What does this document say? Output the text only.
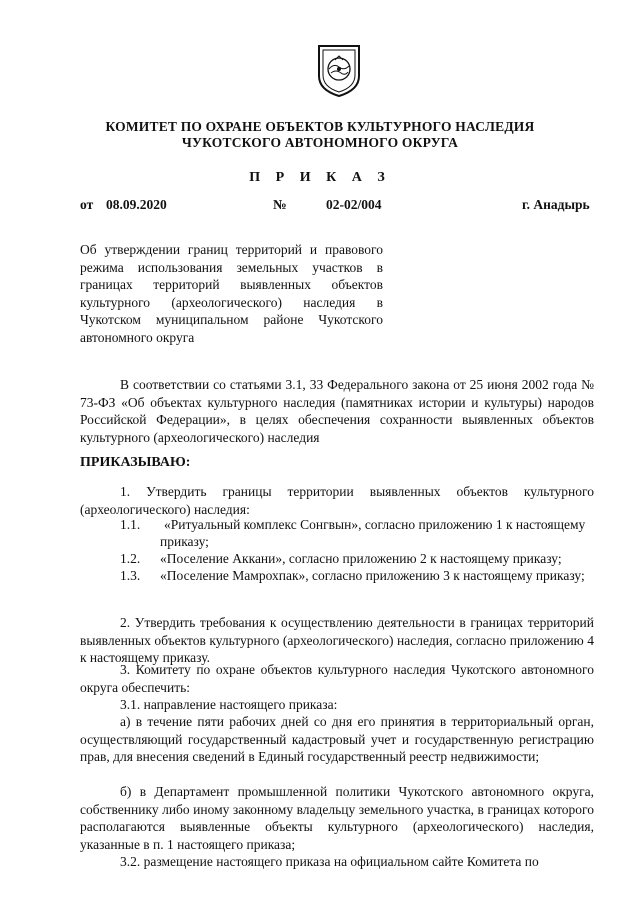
КОМИТЕТ ПО ОХРАНЕ ОБЪЕКТОВ КУЛЬТУРНОГО НАСЛЕДИЯ
ЧУКОТСКОГО АВТОНОМНОГО ОКРУГА
П Р И К А З
от 08.09.2020	№	02-02/004	г. Анадырь
Об утверждении границ территорий и правового режима использования земельных участков в границах территорий выявленных объектов культурного (археологического) наследия в Чукотском муниципальном районе Чукотского автономного округа
В соответствии со статьями 3.1, 33 Федерального закона от 25 июня 2002 года № 73-ФЗ «Об объектах культурного наследия (памятниках истории и культуры) народов Российской Федерации», в целях обеспечения сохранности выявленных объектов культурного (археологического) наследия
ПРИКАЗЫВАЮ:
1. Утвердить границы территории выявленных объектов культурного (археологического) наследия:
1.1. «Ритуальный комплекс Сонгвын», согласно приложению 1 к настоящему приказу;
1.2. «Поселение Аккани», согласно приложению 2 к настоящему приказу;
1.3. «Поселение Мамрохпак», согласно приложению 3 к настоящему приказу;
2. Утвердить требования к осуществлению деятельности в границах территорий выявленных объектов культурного (археологического) наследия, согласно приложению 4 к настоящему приказу.
3. Комитету по охране объектов культурного наследия Чукотского автономного округа обеспечить:
3.1. направление настоящего приказа:
а) в течение пяти рабочих дней со дня его принятия в территориальный орган, осуществляющий государственный кадастровый учет и государственную регистрацию прав, для внесения сведений в Единый государственный реестр недвижимости;
б) в Департамент промышленной политики Чукотского автономного округа, собственнику либо иному законному владельцу земельного участка, в границах которого располагаются выявленные объекты культурного (археологического) наследия, указанные в п. 1 настоящего приказа;
3.2. размещение настоящего приказа на официальном сайте Комитета по
